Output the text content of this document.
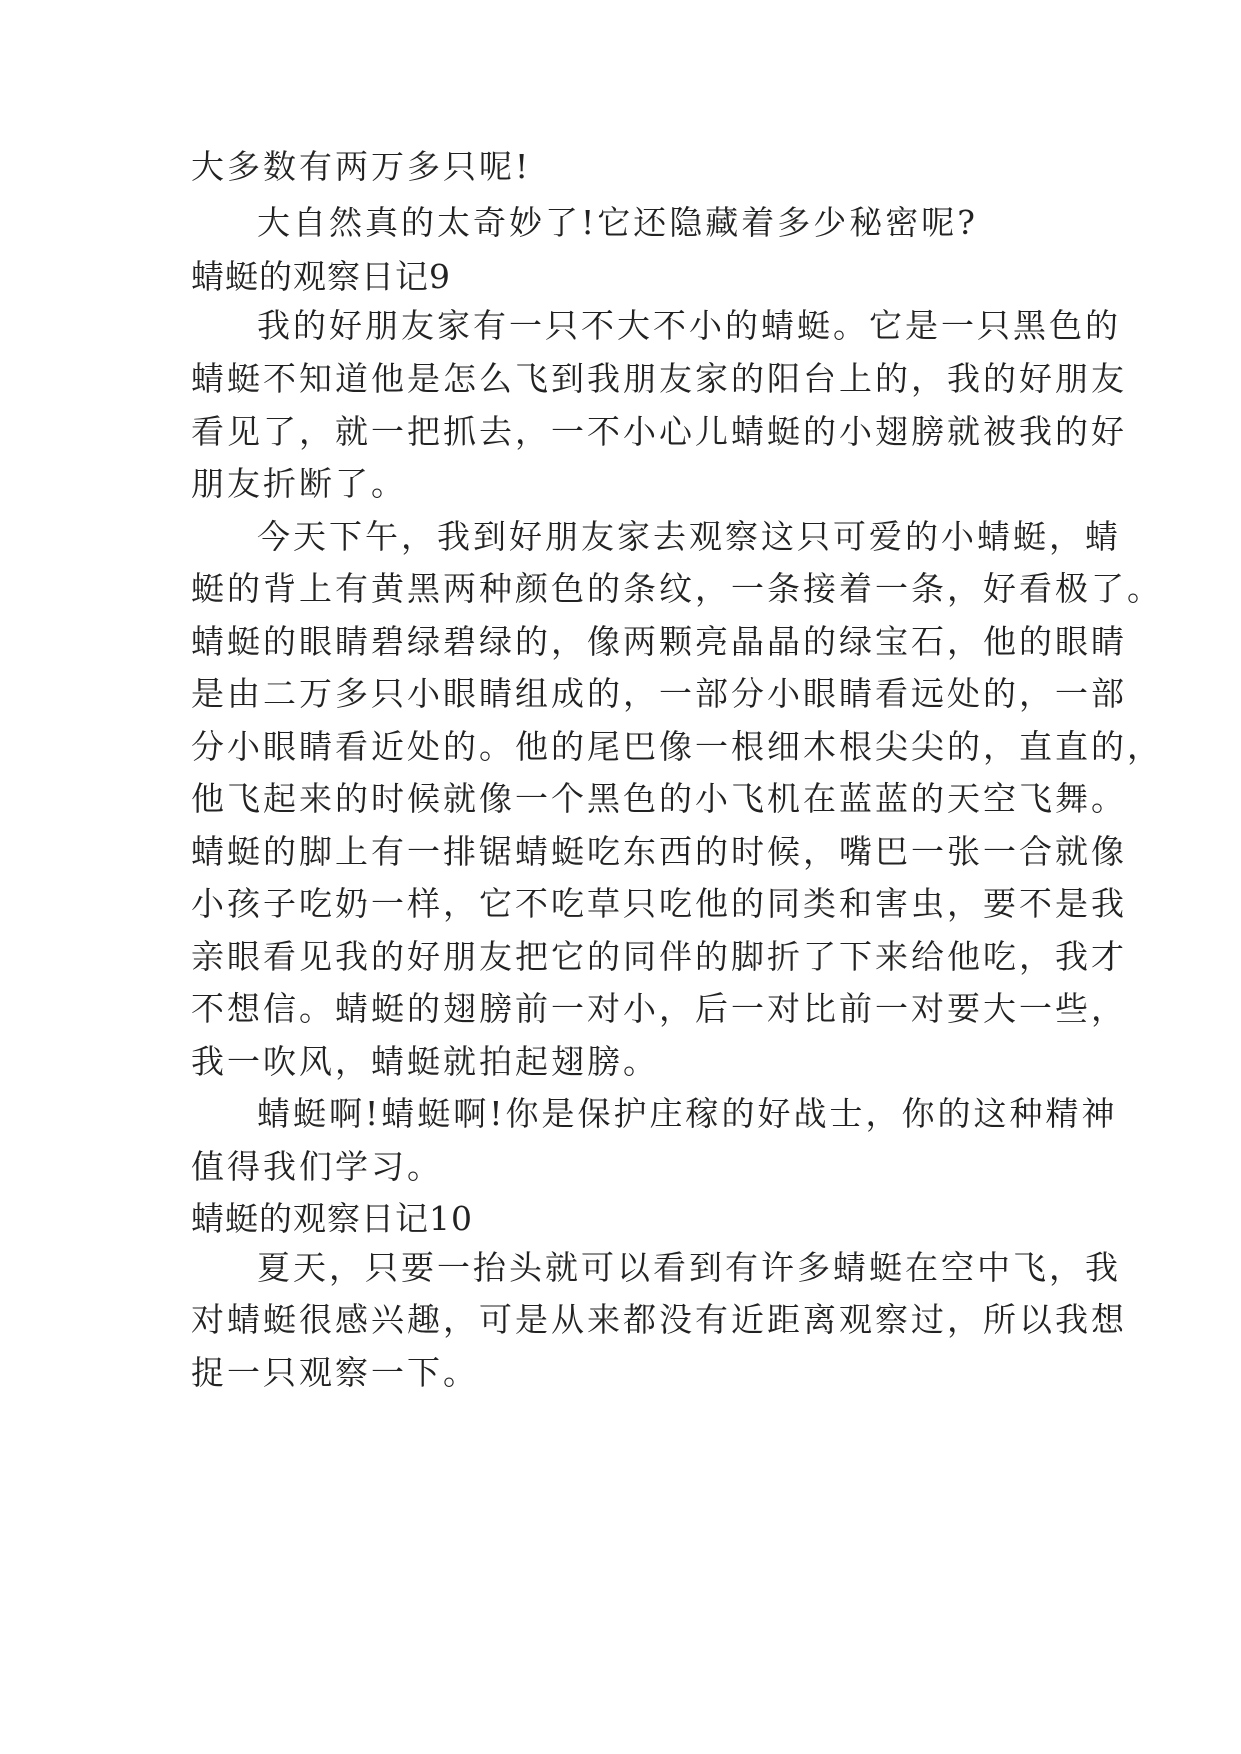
大多数有两万多只呢!
大自然真的太奇妙了!它还隐藏着多少秘密呢?
蜻蜓的观察日记9
我的好朋友家有一只不大不小的蜻蜓。它是一只黑色的
蜻蜓不知道他是怎么飞到我朋友家的阳台上的，我的好朋友
看见了，就一把抓去，一不小心儿蜻蜓的小翅膀就被我的好
朋友折断了。
今天下午，我到好朋友家去观察这只可爱的小蜻蜓，蜻
蜓的背上有黄黑两种颜色的条纹，一条接着一条，好看极了。
蜻蜓的眼睛碧绿碧绿的，像两颗亮晶晶的绿宝石，他的眼睛
是由二万多只小眼睛组成的，一部分小眼睛看远处的，一部
分小眼睛看近处的。他的尾巴像一根细木根尖尖的，直直的，
他飞起来的时候就像一个黑色的小飞机在蓝蓝的天空飞舞。
蜻蜓的脚上有一排锯蜻蜓吃东西的时候，嘴巴一张一合就像
小孩子吃奶一样，它不吃草只吃他的同类和害虫，要不是我
亲眼看见我的好朋友把它的同伴的脚折了下来给他吃，我才
不想信。蜻蜓的翅膀前一对小，后一对比前一对要大一些，
我一吹风，蜻蜓就拍起翅膀。
蜻蜓啊!蜻蜓啊!你是保护庄稼的好战士，你的这种精神
值得我们学习。
蜻蜓的观察日记10
夏天，只要一抬头就可以看到有许多蜻蜓在空中飞，我
对蜻蜓很感兴趣，可是从来都没有近距离观察过，所以我想
捉一只观察一下。
